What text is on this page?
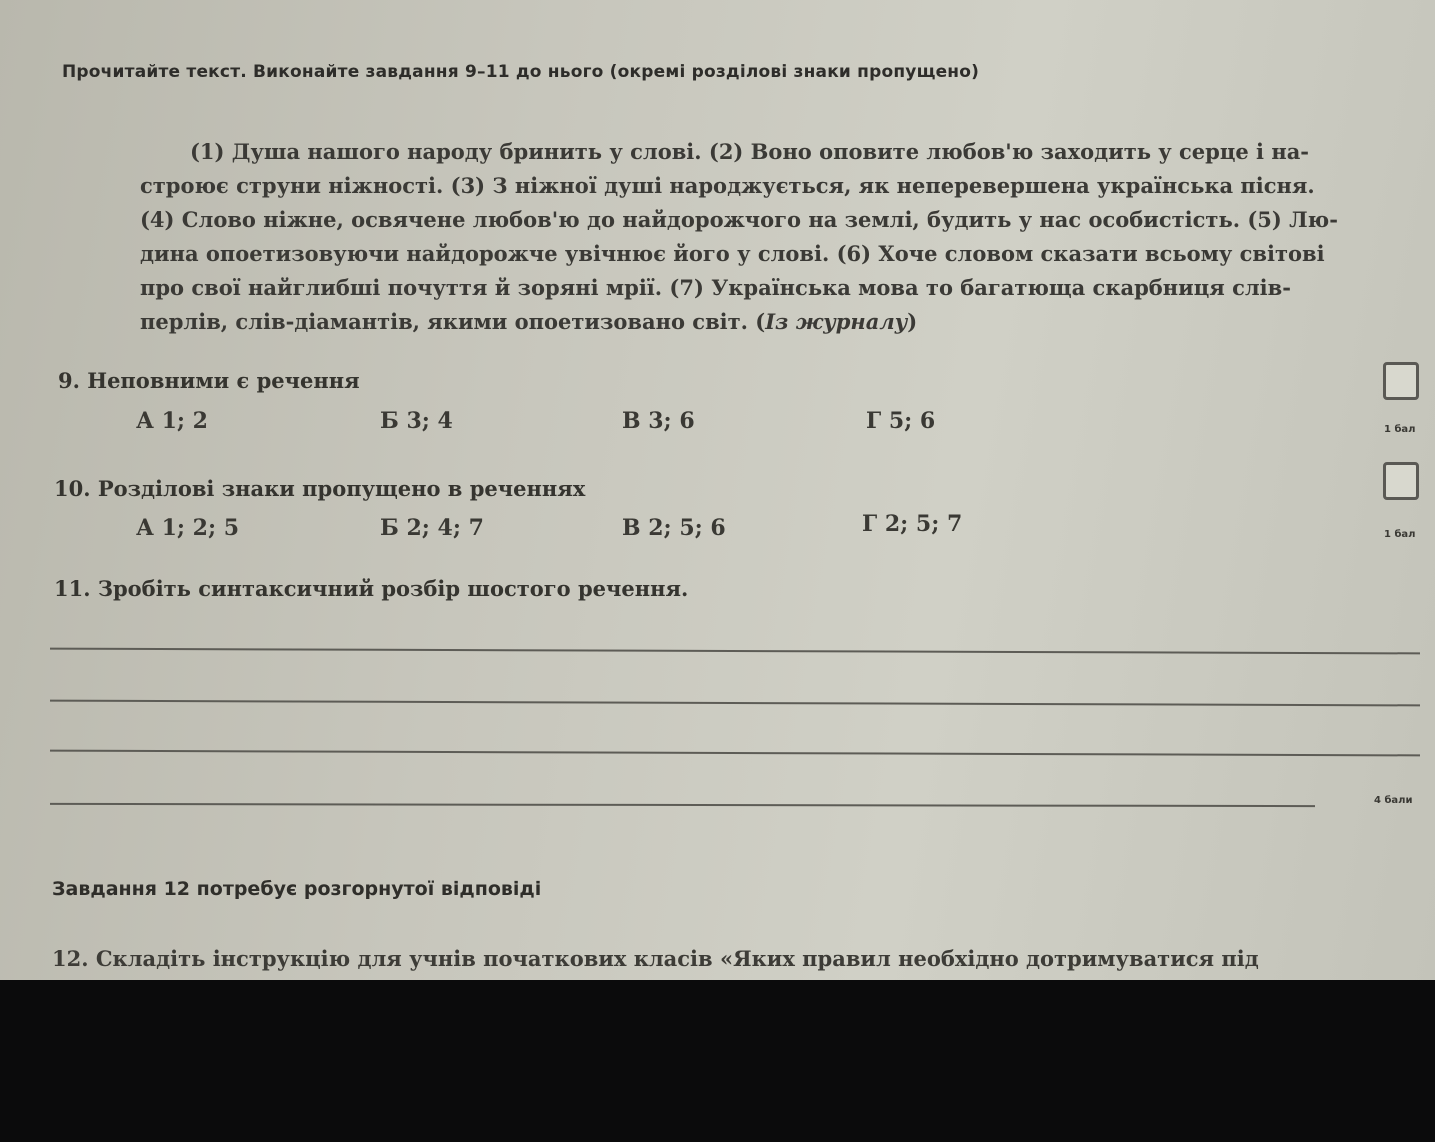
Прочитайте текст. Виконайте завдання 9–11 до нього (окремі розділові знаки пропущено)
(1) Душа нашого народу бринить у слові. (2) Воно оповите любов'ю заходить у серце і на-
строює струни ніжності. (3) З ніжної душі народжується, як неперевершена українська пісня.
(4) Слово ніжне, освячене любов'ю до найдорожчого на землі, будить у нас особистість. (5) Лю-
дина опоетизовуючи найдорожче увічнює його у слові. (6) Хоче словом сказати всьому світові
про свої найглибші почуття й зоряні мрії. (7) Українська мова то багатюща скарбниця слів-
перлів, слів-діамантів, якими опоетизовано світ. (Із журналу)
9. Неповними є речення
А 1; 2	Б 3; 4	В 3; 6	Г 5; 6	1 бал
10. Розділові знаки пропущено в реченнях
А 1; 2; 5	Б 2; 4; 7	В 2; 5; 6	Г 2; 5; 7	1 бал
11. Зробіть синтаксичний розбір шостого речення.
4 бали
Завдання 12 потребує розгорнутої відповіді
12. Складіть інструкцію для учнів початкових класів «Яких правил необхідно дотримуватися під
